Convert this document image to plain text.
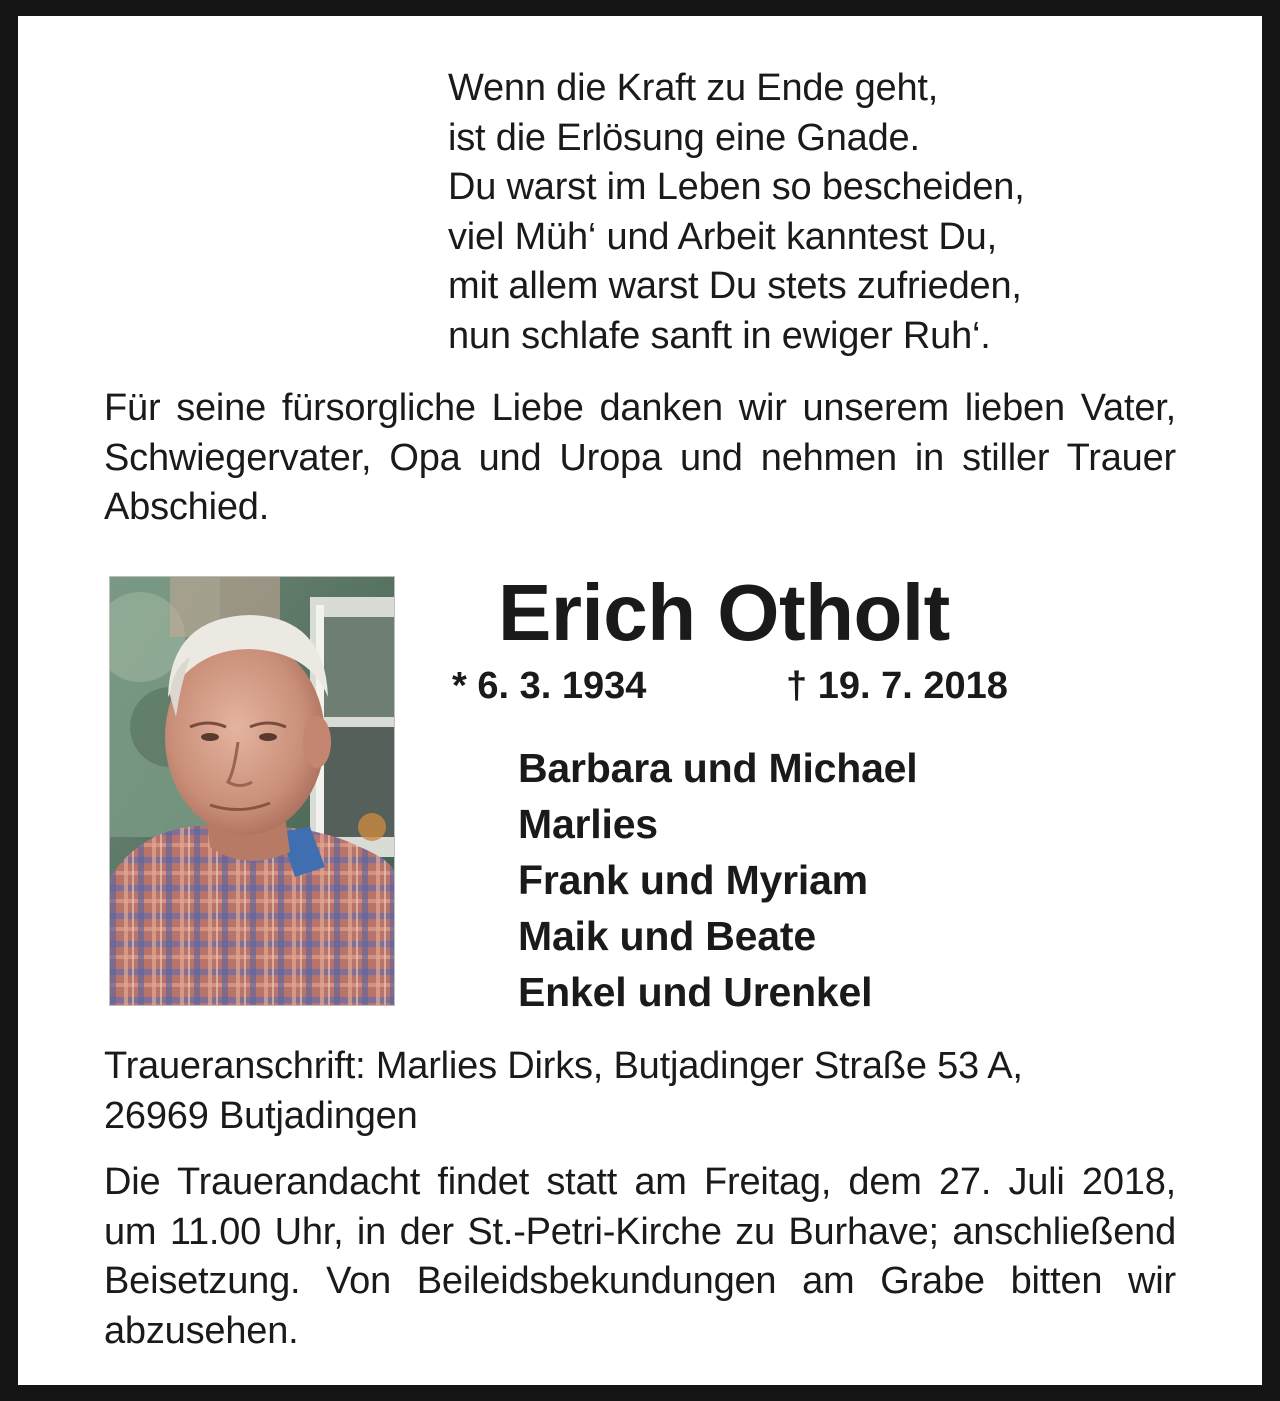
Wenn die Kraft zu Ende geht,
ist die Erlösung eine Gnade.
Du warst im Leben so bescheiden,
viel Müh‘ und Arbeit kanntest Du,
mit allem warst Du stets zufrieden,
nun schlafe sanft in ewiger Ruh‘.
Für seine fürsorgliche Liebe danken wir unserem lieben Vater, Schwiegervater, Opa und Uropa und nehmen in stiller Trauer Abschied.
Erich Otholt
* 6. 3. 1934	† 19. 7. 2018
Barbara und Michael
Marlies
Frank und Myriam
Maik und Beate
Enkel und Urenkel
Traueranschrift: Marlies Dirks, Butjadinger Straße 53 A,
26969 Butjadingen
Die Trauerandacht findet statt am Freitag, dem 27. Juli 2018, um 11.00 Uhr, in der St.-Petri-Kirche zu Burhave; anschließend Beisetzung. Von Beileidsbekundungen am Grabe bitten wir abzusehen.
